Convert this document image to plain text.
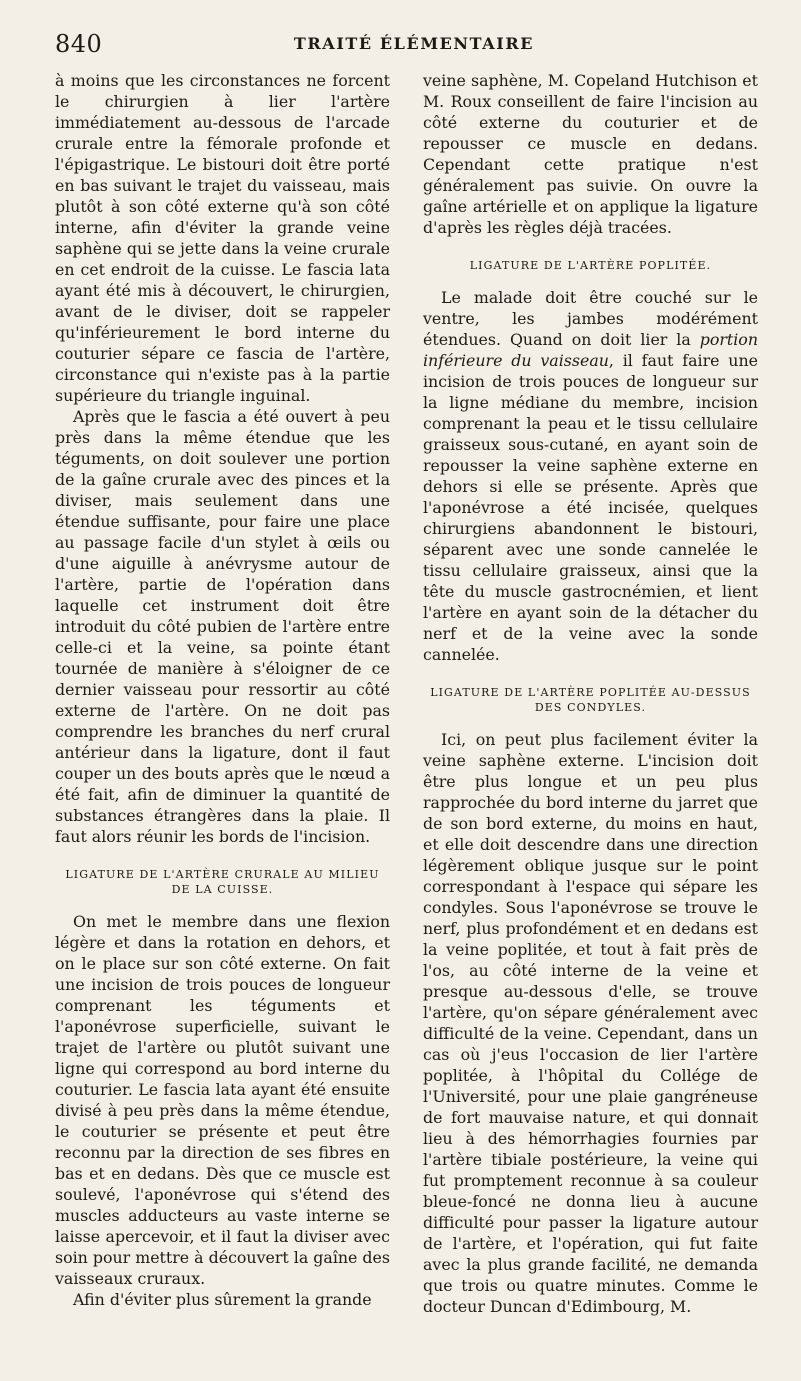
840	TRAITÉ ÉLÉMENTAIRE

à moins que les circonstances ne forcent le chirurgien à lier l'artère immédiatement au-dessous de l'arcade crurale entre la fémorale profonde et l'épigastrique. Le bistouri doit être porté en bas suivant le trajet du vaisseau, mais plutôt à son côté externe qu'à son côté interne, afin d'éviter la grande veine saphène qui se jette dans la veine crurale en cet endroit de la cuisse. Le fascia lata ayant été mis à découvert, le chirurgien, avant de le diviser, doit se rappeler qu'inférieurement le bord interne du couturier sépare ce fascia de l'artère, circonstance qui n'existe pas à la partie supérieure du triangle inguinal.

Après que le fascia a été ouvert à peu près dans la même étendue que les téguments, on doit soulever une portion de la gaîne crurale avec des pinces et la diviser, mais seulement dans une étendue suffisante, pour faire une place au passage facile d'un stylet à œils ou d'une aiguille à anévrysme autour de l'artère, partie de l'opération dans laquelle cet instrument doit être introduit du côté pubien de l'artère entre celle-ci et la veine, sa pointe étant tournée de manière à s'éloigner de ce dernier vaisseau pour ressortir au côté externe de l'artère. On ne doit pas comprendre les branches du nerf crural antérieur dans la ligature, dont il faut couper un des bouts après que le nœud a été fait, afin de diminuer la quantité de substances étrangères dans la plaie. Il faut alors réunir les bords de l'incision.

LIGATURE DE L'ARTÈRE CRURALE AU MILIEU DE LA CUISSE.

On met le membre dans une flexion légère et dans la rotation en dehors, et on le place sur son côté externe. On fait une incision de trois pouces de longueur comprenant les téguments et l'aponévrose superficielle, suivant le trajet de l'artère ou plutôt suivant une ligne qui correspond au bord interne du couturier. Le fascia lata ayant été ensuite divisé à peu près dans la même étendue, le couturier se présente et peut être reconnu par la direction de ses fibres en bas et en dedans. Dès que ce muscle est soulevé, l'aponévrose qui s'étend des muscles adducteurs au vaste interne se laisse apercevoir, et il faut la diviser avec soin pour mettre à découvert la gaîne des vaisseaux cruraux.

Afin d'éviter plus sûrement la grande

veine saphène, M. Copeland Hutchison et M. Roux conseillent de faire l'incision au côté externe du couturier et de repousser ce muscle en dedans. Cependant cette pratique n'est généralement pas suivie. On ouvre la gaîne artérielle et on applique la ligature d'après les règles déjà tracées.

LIGATURE DE L'ARTÈRE POPLITÉE.

Le malade doit être couché sur le ventre, les jambes modérément étendues. Quand on doit lier la portion inférieure du vaisseau, il faut faire une incision de trois pouces de longueur sur la ligne médiane du membre, incision comprenant la peau et le tissu cellulaire graisseux sous-cutané, en ayant soin de repousser la veine saphène externe en dehors si elle se présente. Après que l'aponévrose a été incisée, quelques chirurgiens abandonnent le bistouri, séparent avec une sonde cannelée le tissu cellulaire graisseux, ainsi que la tête du muscle gastrocnémien, et lient l'artère en ayant soin de la détacher du nerf et de la veine avec la sonde cannelée.

LIGATURE DE L'ARTÈRE POPLITÉE AU-DESSUS DES CONDYLES.

Ici, on peut plus facilement éviter la veine saphène externe. L'incision doit être plus longue et un peu plus rapprochée du bord interne du jarret que de son bord externe, du moins en haut, et elle doit descendre dans une direction légèrement oblique jusque sur le point correspondant à l'espace qui sépare les condyles. Sous l'aponévrose se trouve le nerf, plus profondément et en dedans est la veine poplitée, et tout à fait près de l'os, au côté interne de la veine et presque au-dessous d'elle, se trouve l'artère, qu'on sépare généralement avec difficulté de la veine. Cependant, dans un cas où j'eus l'occasion de lier l'artère poplitée, à l'hôpital du Collége de l'Université, pour une plaie gangréneuse de fort mauvaise nature, et qui donnait lieu à des hémorrhagies fournies par l'artère tibiale postérieure, la veine qui fut promptement reconnue à sa couleur bleue-foncé ne donna lieu à aucune difficulté pour passer la ligature autour de l'artère, et l'opération, qui fut faite avec la plus grande facilité, ne demanda que trois ou quatre minutes. Comme le docteur Duncan d'Edimbourg, M.
